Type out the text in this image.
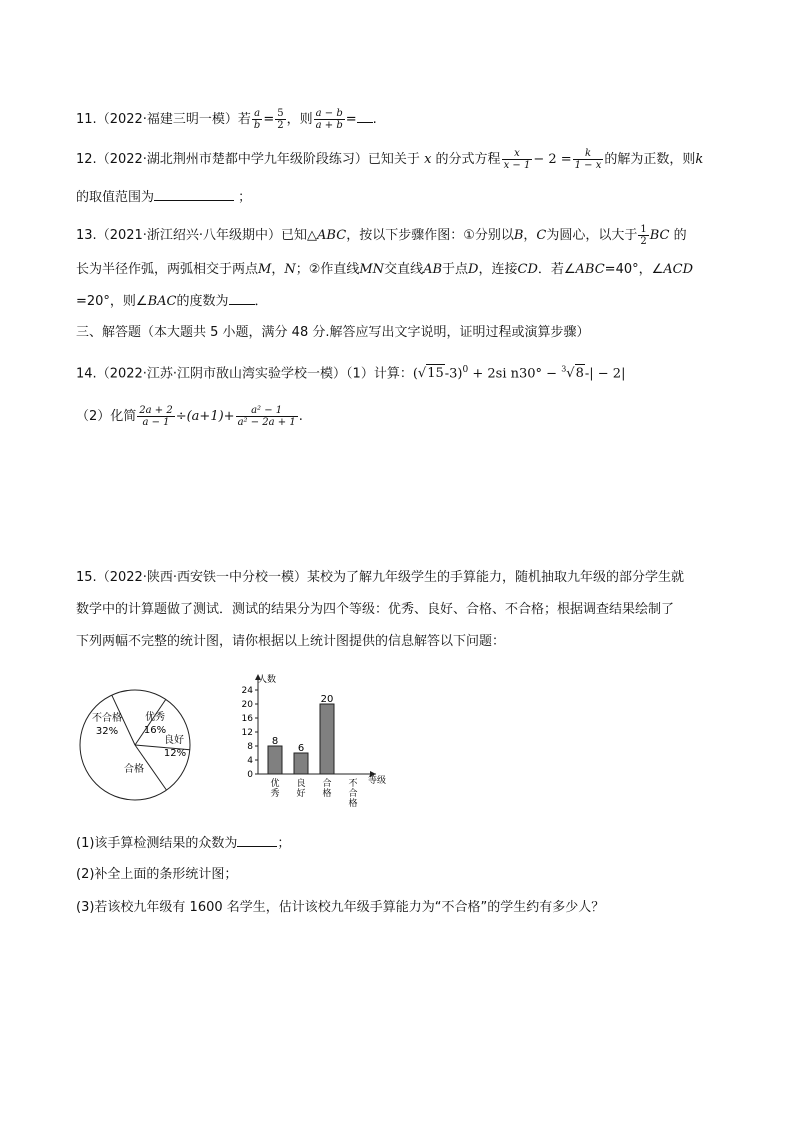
11.（2022·福建三明一模）若 $\frac{a}{b} = \frac{5}{2}$ ，则 $\frac{a - b}{a + b}$ = .
12.（2022·湖北荆州市楚都中学九年级阶段练习）已知关于 x 的分式方程 $\frac{x}{x - 1} - 2 = \frac{k}{1 - x}$ 的解为正数，则k
的取值范围为	；
13.（2021·浙江绍兴·八年级期中）已知△ABC，按以下步骤作图：①分别以B，C为圆心，以大于 $\frac{1}{2}$ BC 的
长为半径作弧，两弧相交于两点M，N；②作直线MN交直线AB于点D，连接CD．若∠ABC=40°，∠ACD
=20°，则∠BAC的度数为 ．
三、解答题（本大题共 5 小题，满分 48 分.解答应写出文字说明，证明过程或演算步骤）
14.（2022·江苏·江阴市敔山湾实验学校一模）（1）计算：$(√15-3)^0 + 2si$ n30° − $^3$√8-| − 2|
（2）化简 $\frac{2a + 2}{a - 1} \div(a+1)+ \frac{\text{a² − 1}}{\text{a² − 2a + 1}}$ .
15.（2022·陕西·西安铁一中分校一模）某校为了解九年级学生的手算能力，随机抽取九年级的部分学生就
数学中的计算题做了测试．测试的结果分为四个等级：优秀、良好、合格、不合格；根据调查结果绘制了
下列两幅不完整的统计图，请你根据以上统计图提供的信息解答以下问题：
不合格
32%
优秀
16%
良好
12%
合格	0
4
8
12
16
20
24
8
优秀
6
良好
20
合格
不合格
人数
等级
(1)该手算检测结果的众数为	；
(2)补全上面的条形统计图；
(3)若该校九年级有 1600 名学生，估计该校九年级手算能力为“不合格”的学生约有多少人？
